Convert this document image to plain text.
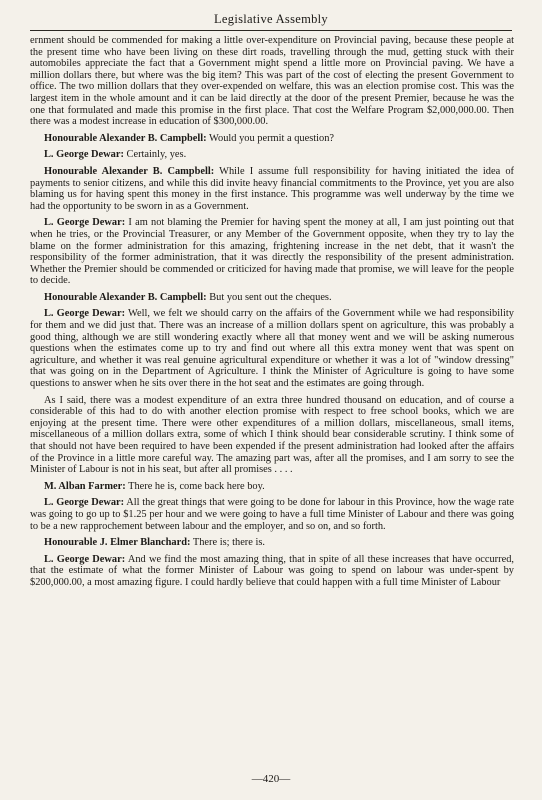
Legislative Assembly

ernment should be commended for making a little over-expenditure on Provincial paving, because these people at the present time who have been living on these dirt roads, travelling through the mud, getting stuck with their automobiles appreciate the fact that a Government might spend a little more on Provincial paving. We have a million dollars there, but where was the big item? This was part of the cost of electing the present Government to office. The two million dollars that they over-expended on welfare, this was an election promise cost. This was the largest item in the whole amount and it can be laid directly at the door of the present Premier, because he was the one that formulated and made this promise in the first place. That cost the Welfare Program $2,000,000.00. Then there was a modest increase in education of $300,000.00.

Honourable Alexander B. Campbell: Would you permit a question?

L. George Dewar: Certainly, yes.

Honourable Alexander B. Campbell: While I assume full responsibility for having initiated the idea of payments to senior citizens, and while this did invite heavy financial commitments to the Province, yet you are also blaming us for having spent this money in the first instance. This programme was well underway by the time we had the opportunity to be sworn in as a Government.

L. George Dewar: I am not blaming the Premier for having spent the money at all, I am just pointing out that when he tries, or the Provincial Treasurer, or any Member of the Government opposite, when they try to lay the blame on the former administration for this amazing, frightening increase in the net debt, that it wasn't the responsibility of the former administration, that it was directly the responsibility of the present administration. Whether the Premier should be commended or criticized for having made that promise, we will leave for the people to decide.

Honourable Alexander B. Campbell: But you sent out the cheques.

L. George Dewar: Well, we felt we should carry on the affairs of the Government while we had responsibility for them and we did just that. There was an increase of a million dollars spent on agriculture, this was probably a good thing, although we are still wondering exactly where all that money went and we will be asking numerous questions when the estimates come up to try and find out where all this extra money went that was spent on agriculture, and whether it was real genuine agricultural expenditure or whether it was a lot of "window dressing" that was going on in the Department of Agriculture. I think the Minister of Agriculture is going to have some questions to answer when he sits over there in the hot seat and the estimates are going through.

As I said, there was a modest expenditure of an extra three hundred thousand on education, and of course a considerable of this had to do with another election promise with respect to free school books, which we are enjoying at the present time. There were other expenditures of a million dollars, miscellaneous, small items, miscellaneous of a million dollars extra, some of which I think should bear considerable scrutiny. I think some of that should not have been required to have been expended if the present administration had looked after the affairs of the Province in a little more careful way. The amazing part was, after all the promises, and I am sorry to see the Minister of Labour is not in his seat, but after all promises . . . .

M. Alban Farmer: There he is, come back here boy.

L. George Dewar: All the great things that were going to be done for labour in this Province, how the wage rate was going to go up to $1.25 per hour and we were going to have a full time Minister of Labour and there was going to be a new rapprochement between labour and the employer, and so on, and so forth.

Honourable J. Elmer Blanchard: There is; there is.

L. George Dewar: And we find the most amazing thing, that in spite of all these increases that have occurred, that the estimate of what the former Minister of Labour was going to spend on labour was under-spent by $200,000.00, a most amazing figure. I could hardly believe that could happen with a full time Minister of Labour

—420—
